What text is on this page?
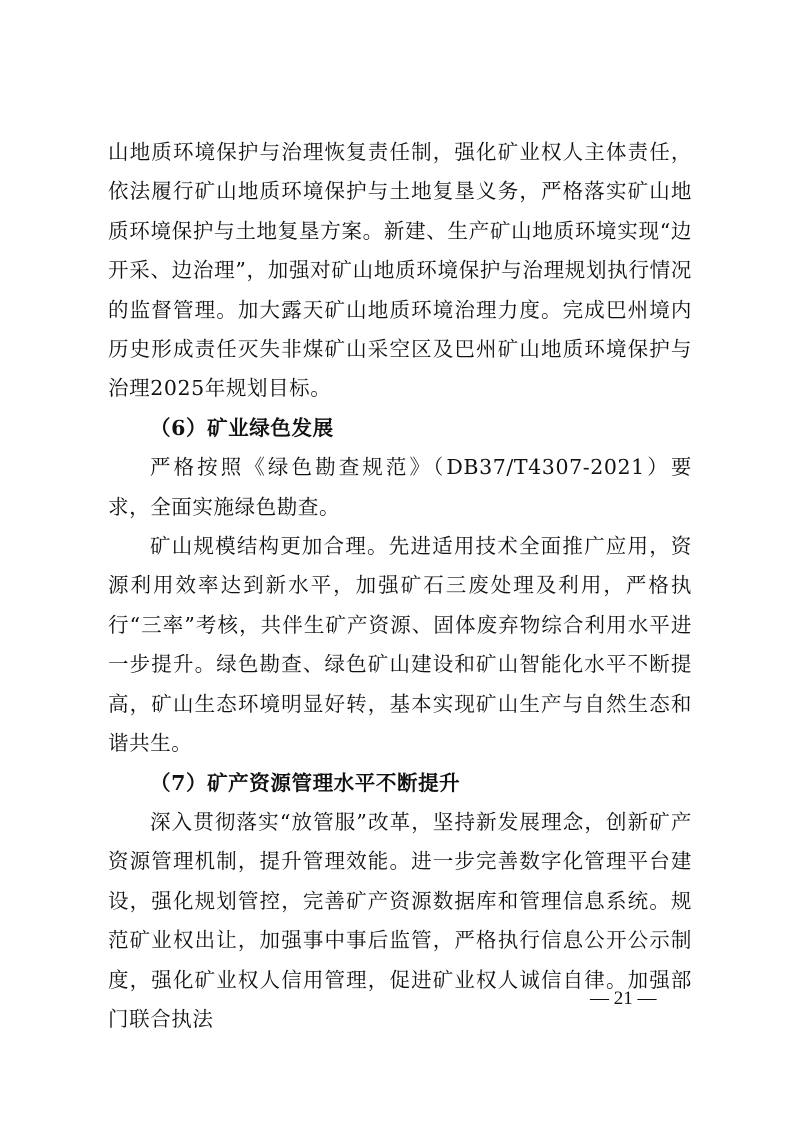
山地质环境保护与治理恢复责任制，强化矿业权人主体责任，依法履行矿山地质环境保护与土地复垦义务，严格落实矿山地质环境保护与土地复垦方案。新建、生产矿山地质环境实现“边开采、边治理”，加强对矿山地质环境保护与治理规划执行情况的监督管理。加大露天矿山地质环境治理力度。完成巴州境内历史形成责任灭失非煤矿山采空区及巴州矿山地质环境保护与治理2025年规划目标。

（6）矿业绿色发展

严格按照《绿色勘查规范》（DB37/T4307-2021）要求，全面实施绿色勘查。

矿山规模结构更加合理。先进适用技术全面推广应用，资源利用效率达到新水平，加强矿石三废处理及利用，严格执行“三率”考核，共伴生矿产资源、固体废弃物综合利用水平进一步提升。绿色勘查、绿色矿山建设和矿山智能化水平不断提高，矿山生态环境明显好转，基本实现矿山生产与自然生态和谐共生。

（7）矿产资源管理水平不断提升

深入贯彻落实“放管服”改革，坚持新发展理念，创新矿产资源管理机制，提升管理效能。进一步完善数字化管理平台建设，强化规划管控，完善矿产资源数据库和管理信息系统。规范矿业权出让，加强事中事后监管，严格执行信息公开公示制度，强化矿业权人信用管理，促进矿业权人诚信自律。加强部门联合执法

— 21 —
